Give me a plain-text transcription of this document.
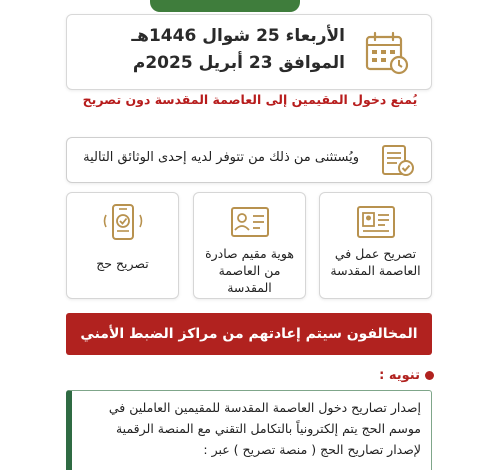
الأربعاء 25 شوال 1446هـ
الموافق 23 أبريل 2025م
يُمنع دخول المقيمين إلى العاصمة المقدسة دون تصريح
ويُستثنى من ذلك من تتوفر لديه إحدى الوثائق التالية
تصريح عمل في العاصمة المقدسة
هوية مقيم صادرة من العاصمة المقدسة
تصريح حج
المخالفون سيتم إعادتهم من مراكز الضبط الأمني
تنويه :
إصدار تصاريح دخول العاصمة المقدسة للمقيمين العاملين في موسم الحج يتم إلكترونياً بالتكامل التقني مع المنصة الرقمية لإصدار تصاريح الحج ( منصة تصريح ) عبر :
